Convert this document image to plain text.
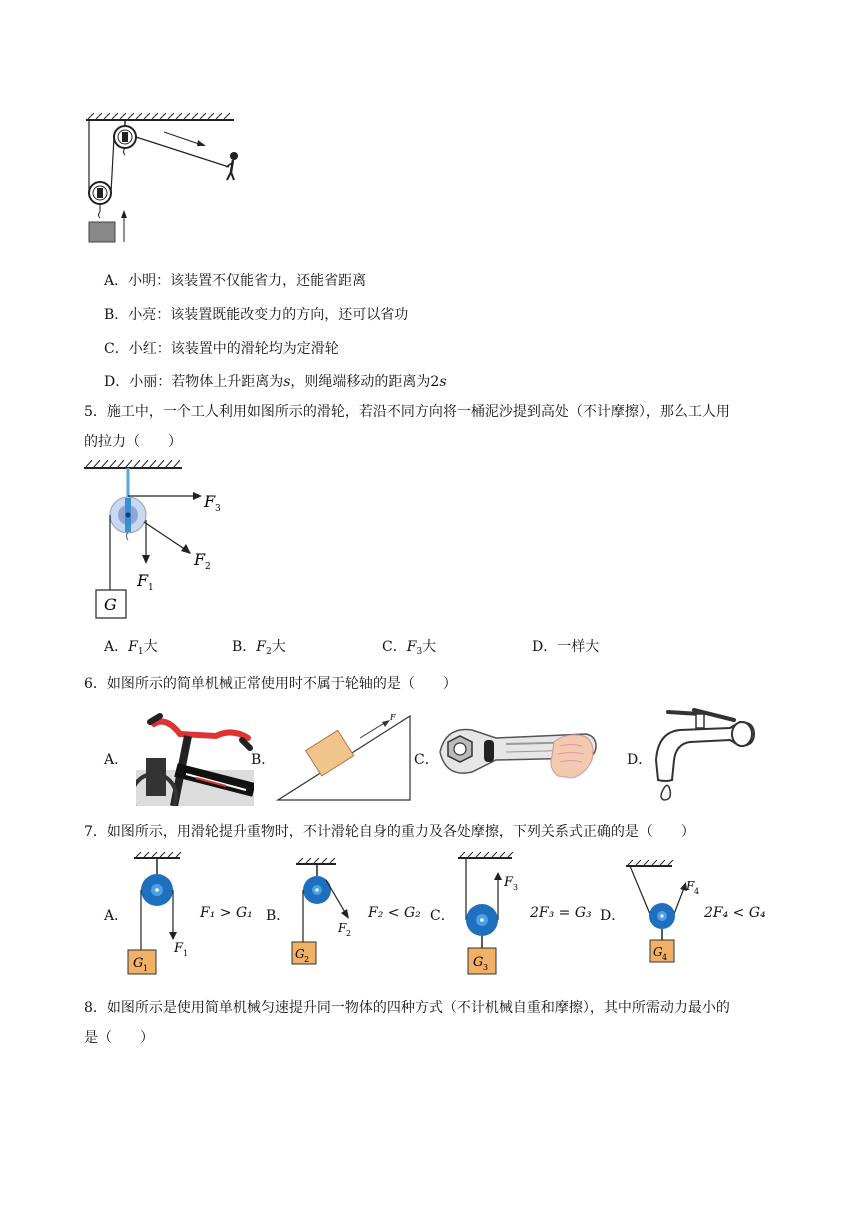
A．小明：该装置不仅能省力，还能省距离
B．小亮：该装置既能改变力的方向，还可以省功
C．小红：该装置中的滑轮均为定滑轮
D．小丽：若物体上升距离为s，则绳端移动的距离为2s
5．施工中，一个工人利用如图所示的滑轮，若沿不同方向将一桶泥沙提到高处（不计摩擦），那么工人用
的拉力（　　）
F 3
F 2
F 1
G
A．$F_1$大	B．$F_2$大	C．$F_3$大	D．一样大
6．如图所示的简单机械正常使用时不属于轮轴的是（　　）
A．	B．
F
C．	D．
7．如图所示，用滑轮提升重物时，不计滑轮自身的重力及各处摩擦，下列关系式正确的是（　　）
A．
F 1
G 1
F₁ > G₁ B．
F 2
G 2
F₂ < G₂ C．
F 3
G 3
2F₃ = G₃ D．
F 4
G 4
2F₄ < G₄
8．如图所示是使用简单机械匀速提升同一物体的四种方式（不计机械自重和摩擦），其中所需动力最小的
是（　　）
